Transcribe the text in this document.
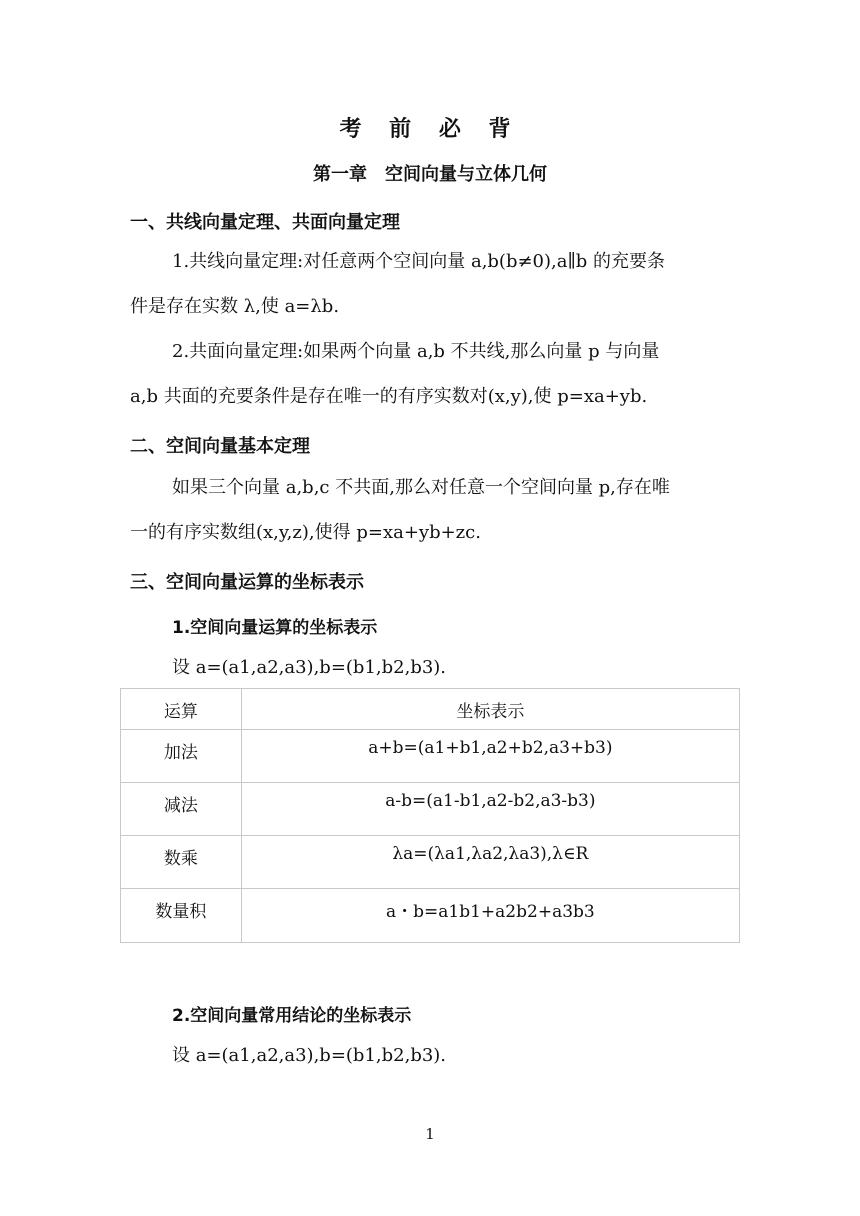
考 前 必 背
第一章　空间向量与立体几何
一、共线向量定理、共面向量定理
1.共线向量定理:对任意两个空间向量 a,b(b≠0),a∥b 的充要条
件是存在实数 λ,使 a=λb.
2.共面向量定理:如果两个向量 a,b 不共线,那么向量 p 与向量
a,b 共面的充要条件是存在唯一的有序实数对(x,y),使 p=xa+yb.
二、空间向量基本定理
如果三个向量 a,b,c 不共面,那么对任意一个空间向量 p,存在唯
一的有序实数组(x,y,z),使得 p=xa+yb+zc.
三、空间向量运算的坐标表示
1.空间向量运算的坐标表示
设 a=(a1,a2,a3),b=(b1,b2,b3).
运算	坐标表示
加法	a+b=(a1+b1,a2+b2,a3+b3)
减法	a-b=(a1-b1,a2-b2,a3-b3)
数乘	λa=(λa1,λa2,λa3),λ∈R
数量积	a・b=a1b1+a2b2+a3b3
2.空间向量常用结论的坐标表示
设 a=(a1,a2,a3),b=(b1,b2,b3).
1
